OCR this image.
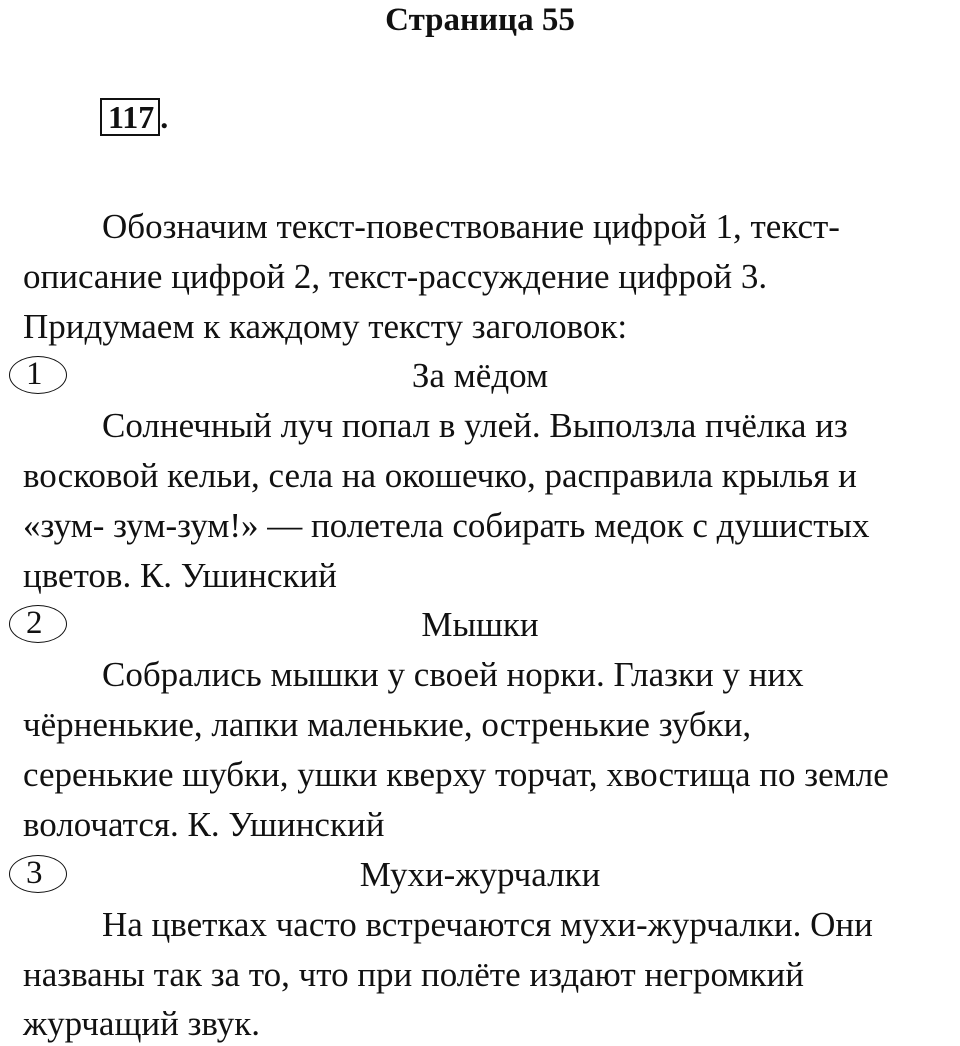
Страница 55
117 .
Обозначим текст-повествование цифрой 1, текст-
описание цифрой 2, текст-рассуждение цифрой 3.
Придумаем к каждому тексту заголовок:
1	За мёдом
Солнечный луч попал в улей. Выползла пчёлка из
восковой кельи, села на окошечко, расправила крылья и
«зум- зум-зум!» — полетела собирать медок с душистых
цветов. К. Ушинский
2	Мышки
Собрались мышки у своей норки. Глазки у них
чёрненькие, лапки маленькие, остренькие зубки,
серенькие шубки, ушки кверху торчат, хвостища по земле
волочатся. К. Ушинский
3	Мухи-журчалки
На цветках часто встречаются мухи-журчалки. Они
названы так за то, что при полёте издают негромкий
журчащий звук.
